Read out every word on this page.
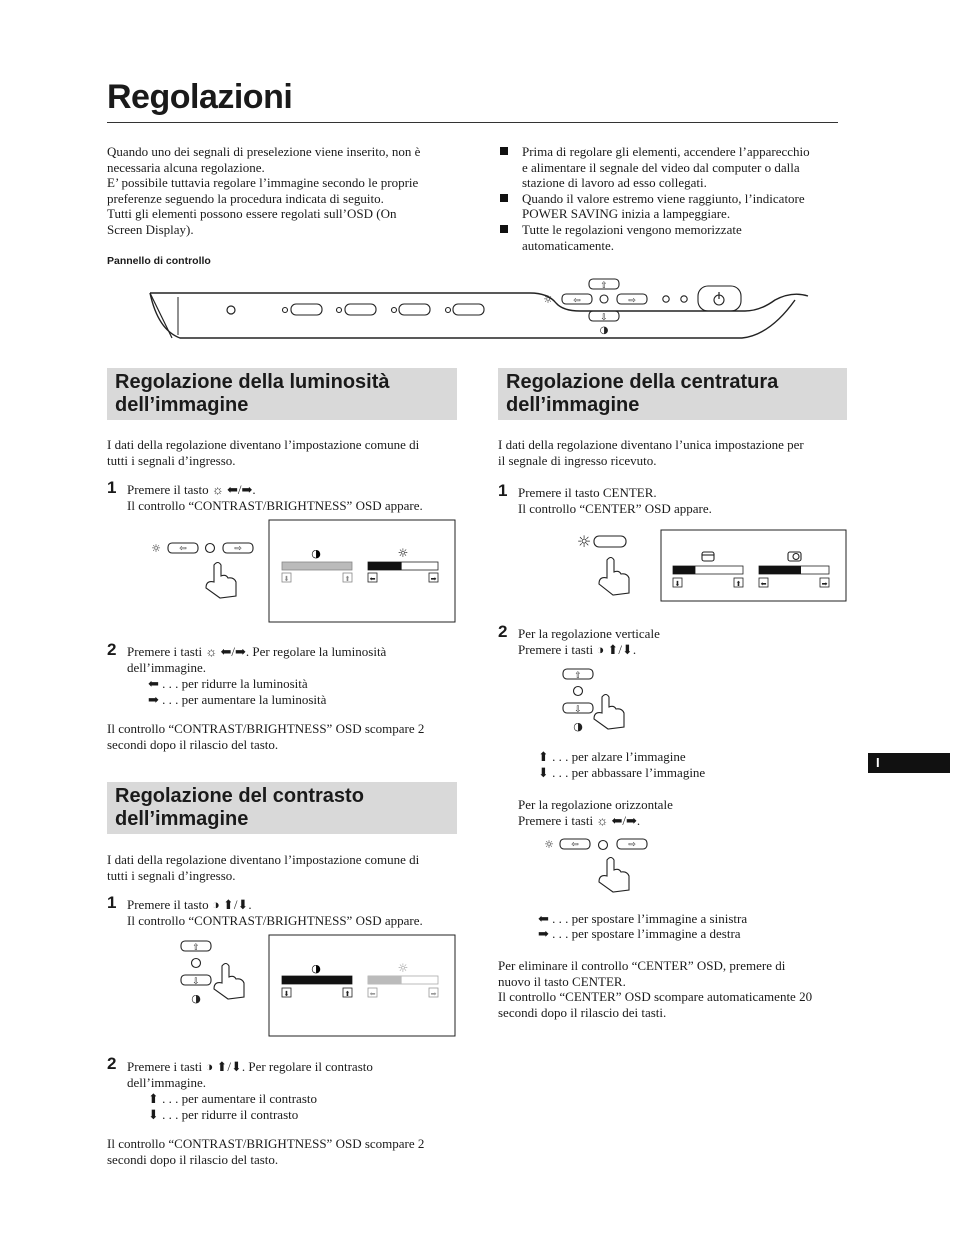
Regolazioni
Quando uno dei segnali di preselezione viene inserito, non è
necessaria alcuna regolazione.
E’ possibile tuttavia regolare l’immagine secondo le proprie
preferenze seguendo la procedura indicata di seguito.
Tutti gli elementi possono essere regolati sull’OSD (On
Screen Display).
Prima di regolare gli elementi, accendere l’apparecchio
e alimentare il segnale del video dal computer o dalla
stazione di lavoro ad esso collegati.
Quando il valore estremo viene raggiunto, l’indicatore
POWER SAVING inizia a lampeggiare.
Tutte le regolazioni vengono memorizzate
automaticamente.
Pannello di controllo
⇧
⇩
⇦	⇨
☼
◑
Regolazione della luminosità
dell’immagine
I dati della regolazione diventano l’impostazione comune di
tutti i segnali d’ingresso.
1 Premere il tasto ☼ ⬅/➡.
Il controllo “CONTRAST/BRIGHTNESS” OSD appare.
⇦	⇨
☼	◑	☼
⬇	⬆	⬅	➡
2 Premere i tasti ☼ ⬅/➡. Per regolare la luminosità
dell’immagine.
⬅ . . . per ridurre la luminosità
➡ . . . per aumentare la luminosità
Il controllo “CONTRAST/BRIGHTNESS” OSD scompare 2
secondi dopo il rilascio del tasto.
Regolazione del contrasto
dell’immagine
I dati della regolazione diventano l’impostazione comune di
tutti i segnali d’ingresso.
1 Premere il tasto ◑ ⬆/⬇.
Il controllo “CONTRAST/BRIGHTNESS” OSD appare.
⇧
⇩
◑
◑	☼
⬇	⬆	⬅	➡
2 Premere i tasti ◑ ⬆/⬇. Per regolare il contrasto
dell’immagine.
⬆ . . . per aumentare il contrasto
⬇ . . . per ridurre il contrasto
Il controllo “CONTRAST/BRIGHTNESS” OSD scompare 2
secondi dopo il rilascio del tasto.
Regolazione della centratura
dell’immagine
I dati della regolazione diventano l’unica impostazione per
il segnale di ingresso ricevuto.
1 Premere il tasto CENTER.
Il controllo “CENTER” OSD appare.
☼
⬇	⬆	⬅	➡
2 Per la regolazione verticale
Premere i tasti ◑ ⬆/⬇.
⇧
⇩
◑
⬆ . . . per alzare l’immagine
⬇ . . . per abbassare l’immagine
Per la regolazione orizzontale
Premere i tasti ☼ ⬅/➡.
⇦	⇨
☼
⬅ . . . per spostare l’immagine a sinistra
➡ . . . per spostare l’immagine a destra
Per eliminare il controllo “CENTER” OSD, premere di
nuovo il tasto CENTER.
Il controllo “CENTER” OSD scompare automaticamente 20
secondi dopo il rilascio dei tasti.
I
